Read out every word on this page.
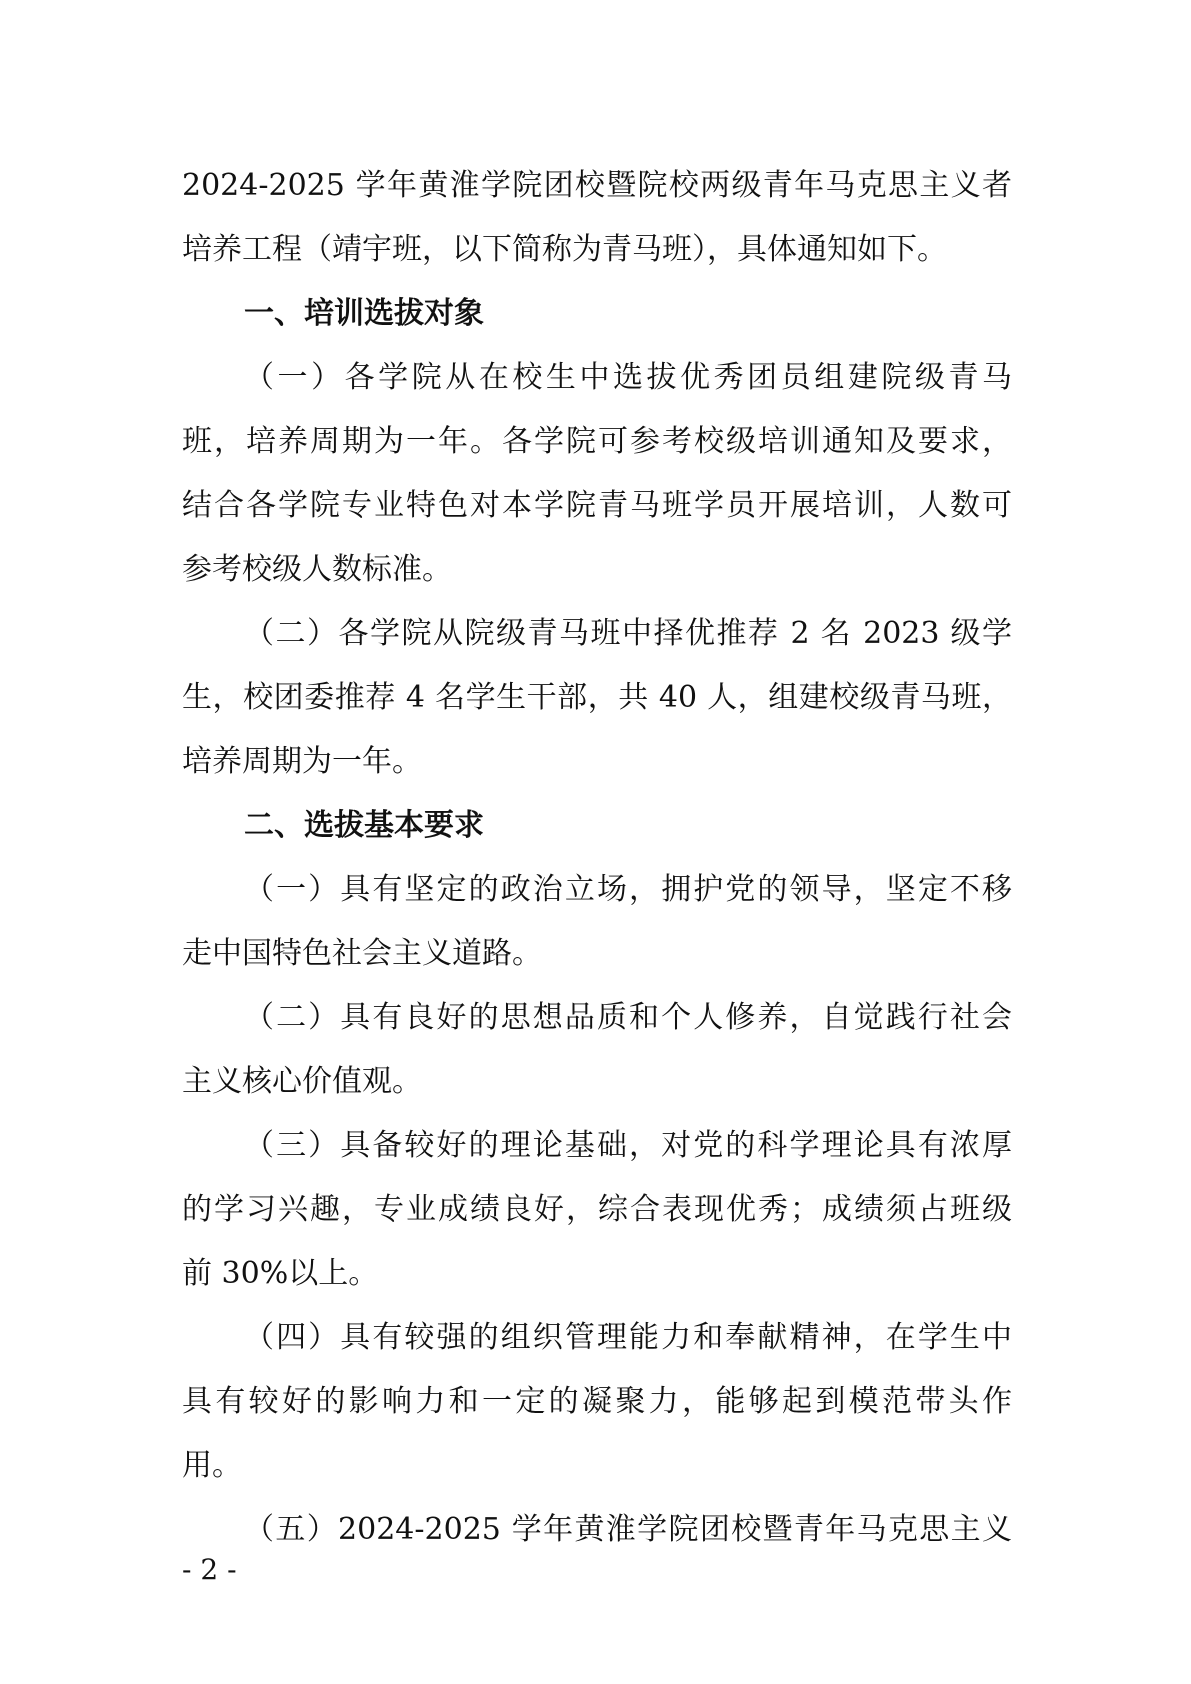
2024-2025 学年黄淮学院团校暨院校两级青年马克思主义者
培养工程（靖宇班，以下简称为青马班），具体通知如下。
一、培训选拔对象
（一）各学院从在校生中选拔优秀团员组建院级青马
班，培养周期为一年。各学院可参考校级培训通知及要求，
结合各学院专业特色对本学院青马班学员开展培训，人数可
参考校级人数标准。
（二）各学院从院级青马班中择优推荐 2 名 2023 级学
生，校团委推荐 4 名学生干部，共 40 人，组建校级青马班，
培养周期为一年。
二、选拔基本要求
（一）具有坚定的政治立场，拥护党的领导，坚定不移
走中国特色社会主义道路。
（二）具有良好的思想品质和个人修养，自觉践行社会
主义核心价值观。
（三）具备较好的理论基础，对党的科学理论具有浓厚
的学习兴趣，专业成绩良好，综合表现优秀；成绩须占班级
前 30%以上。
（四）具有较强的组织管理能力和奉献精神，在学生中
具有较好的影响力和一定的凝聚力，能够起到模范带头作
用。
（五）2024-2025 学年黄淮学院团校暨青年马克思主义
- 2 -
